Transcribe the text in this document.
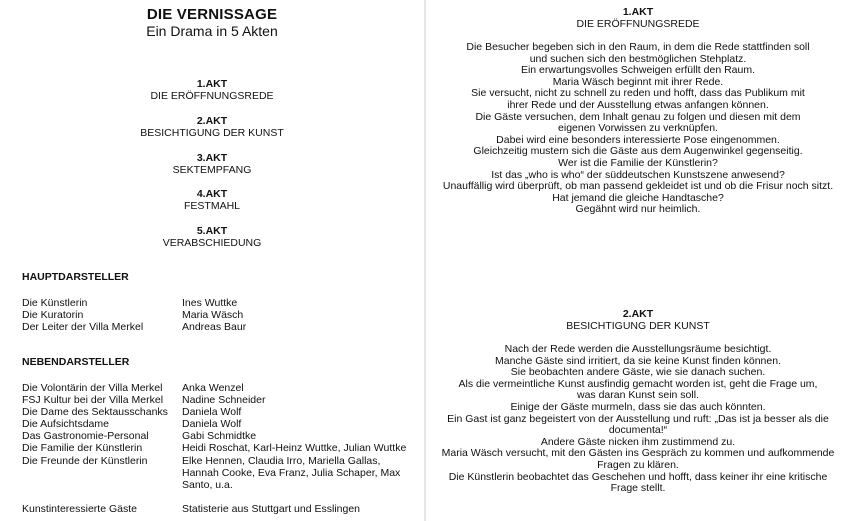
DIE VERNISSAGE
Ein Drama in 5 Akten
1.AKT
DIE ERÖFFNUNGSREDE
2.AKT
BESICHTIGUNG DER KUNST
3.AKT
SEKTEMPFANG
4.AKT
FESTMAHL
5.AKT
VERABSCHIEDUNG
HAUPTDARSTELLER
Die Künstlerin	Ines Wuttke
Die Kuratorin	Maria Wäsch
Der Leiter der Villa Merkel	Andreas Baur
NEBENDARSTELLER
Die Volontärin der Villa Merkel	Anka Wenzel
FSJ Kultur bei der Villa Merkel	Nadine Schneider
Die Dame des Sektausschanks	Daniela Wolf
Die Aufsichtsdame	Daniela Wolf
Das Gastronomie-Personal	Gabi Schmidtke
Die Familie der Künstlerin	Heidi Roschat, Karl-Heinz Wuttke, Julian Wuttke
Die Freunde der Künstlerin	Elke Hennen, Claudia Irro, Mariella Gallas, Hannah Cooke, Eva Franz, Julia Schaper, Max Santo, u.a.
Kunstinteressierte Gäste	Statisterie aus Stuttgart und Esslingen
1.AKT
DIE ERÖFFNUNGSREDE
Die Besucher begeben sich in den Raum, in dem die Rede stattfinden soll
und suchen sich den bestmöglichen Stehplatz.
Ein erwartungsvolles Schweigen erfüllt den Raum.
Maria Wäsch beginnt mit ihrer Rede.
Sie versucht, nicht zu schnell zu reden und hofft, dass das Publikum mit
ihrer Rede und der Ausstellung etwas anfangen können.
Die Gäste versuchen, dem Inhalt genau zu folgen und diesen mit dem
eigenen Vorwissen zu verknüpfen.
Dabei wird eine besonders interessierte Pose eingenommen.
Gleichzeitig mustern sich die Gäste aus dem Augenwinkel gegenseitig.
Wer ist die Familie der Künstlerin?
Ist das „who is who“ der süddeutschen Kunstszene anwesend?
Unauffällig wird überprüft, ob man passend gekleidet ist und ob die Frisur noch sitzt.
Hat jemand die gleiche Handtasche?
Gegähnt wird nur heimlich.
2.AKT
BESICHTIGUNG DER KUNST
Nach der Rede werden die Ausstellungsräume besichtigt.
Manche Gäste sind irritiert, da sie keine Kunst finden können.
Sie beobachten andere Gäste, wie sie danach suchen.
Als die vermeintliche Kunst ausfindig gemacht worden ist, geht die Frage um,
was daran Kunst sein soll.
Einige der Gäste murmeln, dass sie das auch könnten.
Ein Gast ist ganz begeistert von der Ausstellung und ruft: „Das ist ja besser als die
documenta!“
Andere Gäste nicken ihm zustimmend zu.
Maria Wäsch versucht, mit den Gästen ins Gespräch zu kommen und aufkommende
Fragen zu klären.
Die Künstlerin beobachtet das Geschehen und hofft, dass keiner ihr eine kritische
Frage stellt.
